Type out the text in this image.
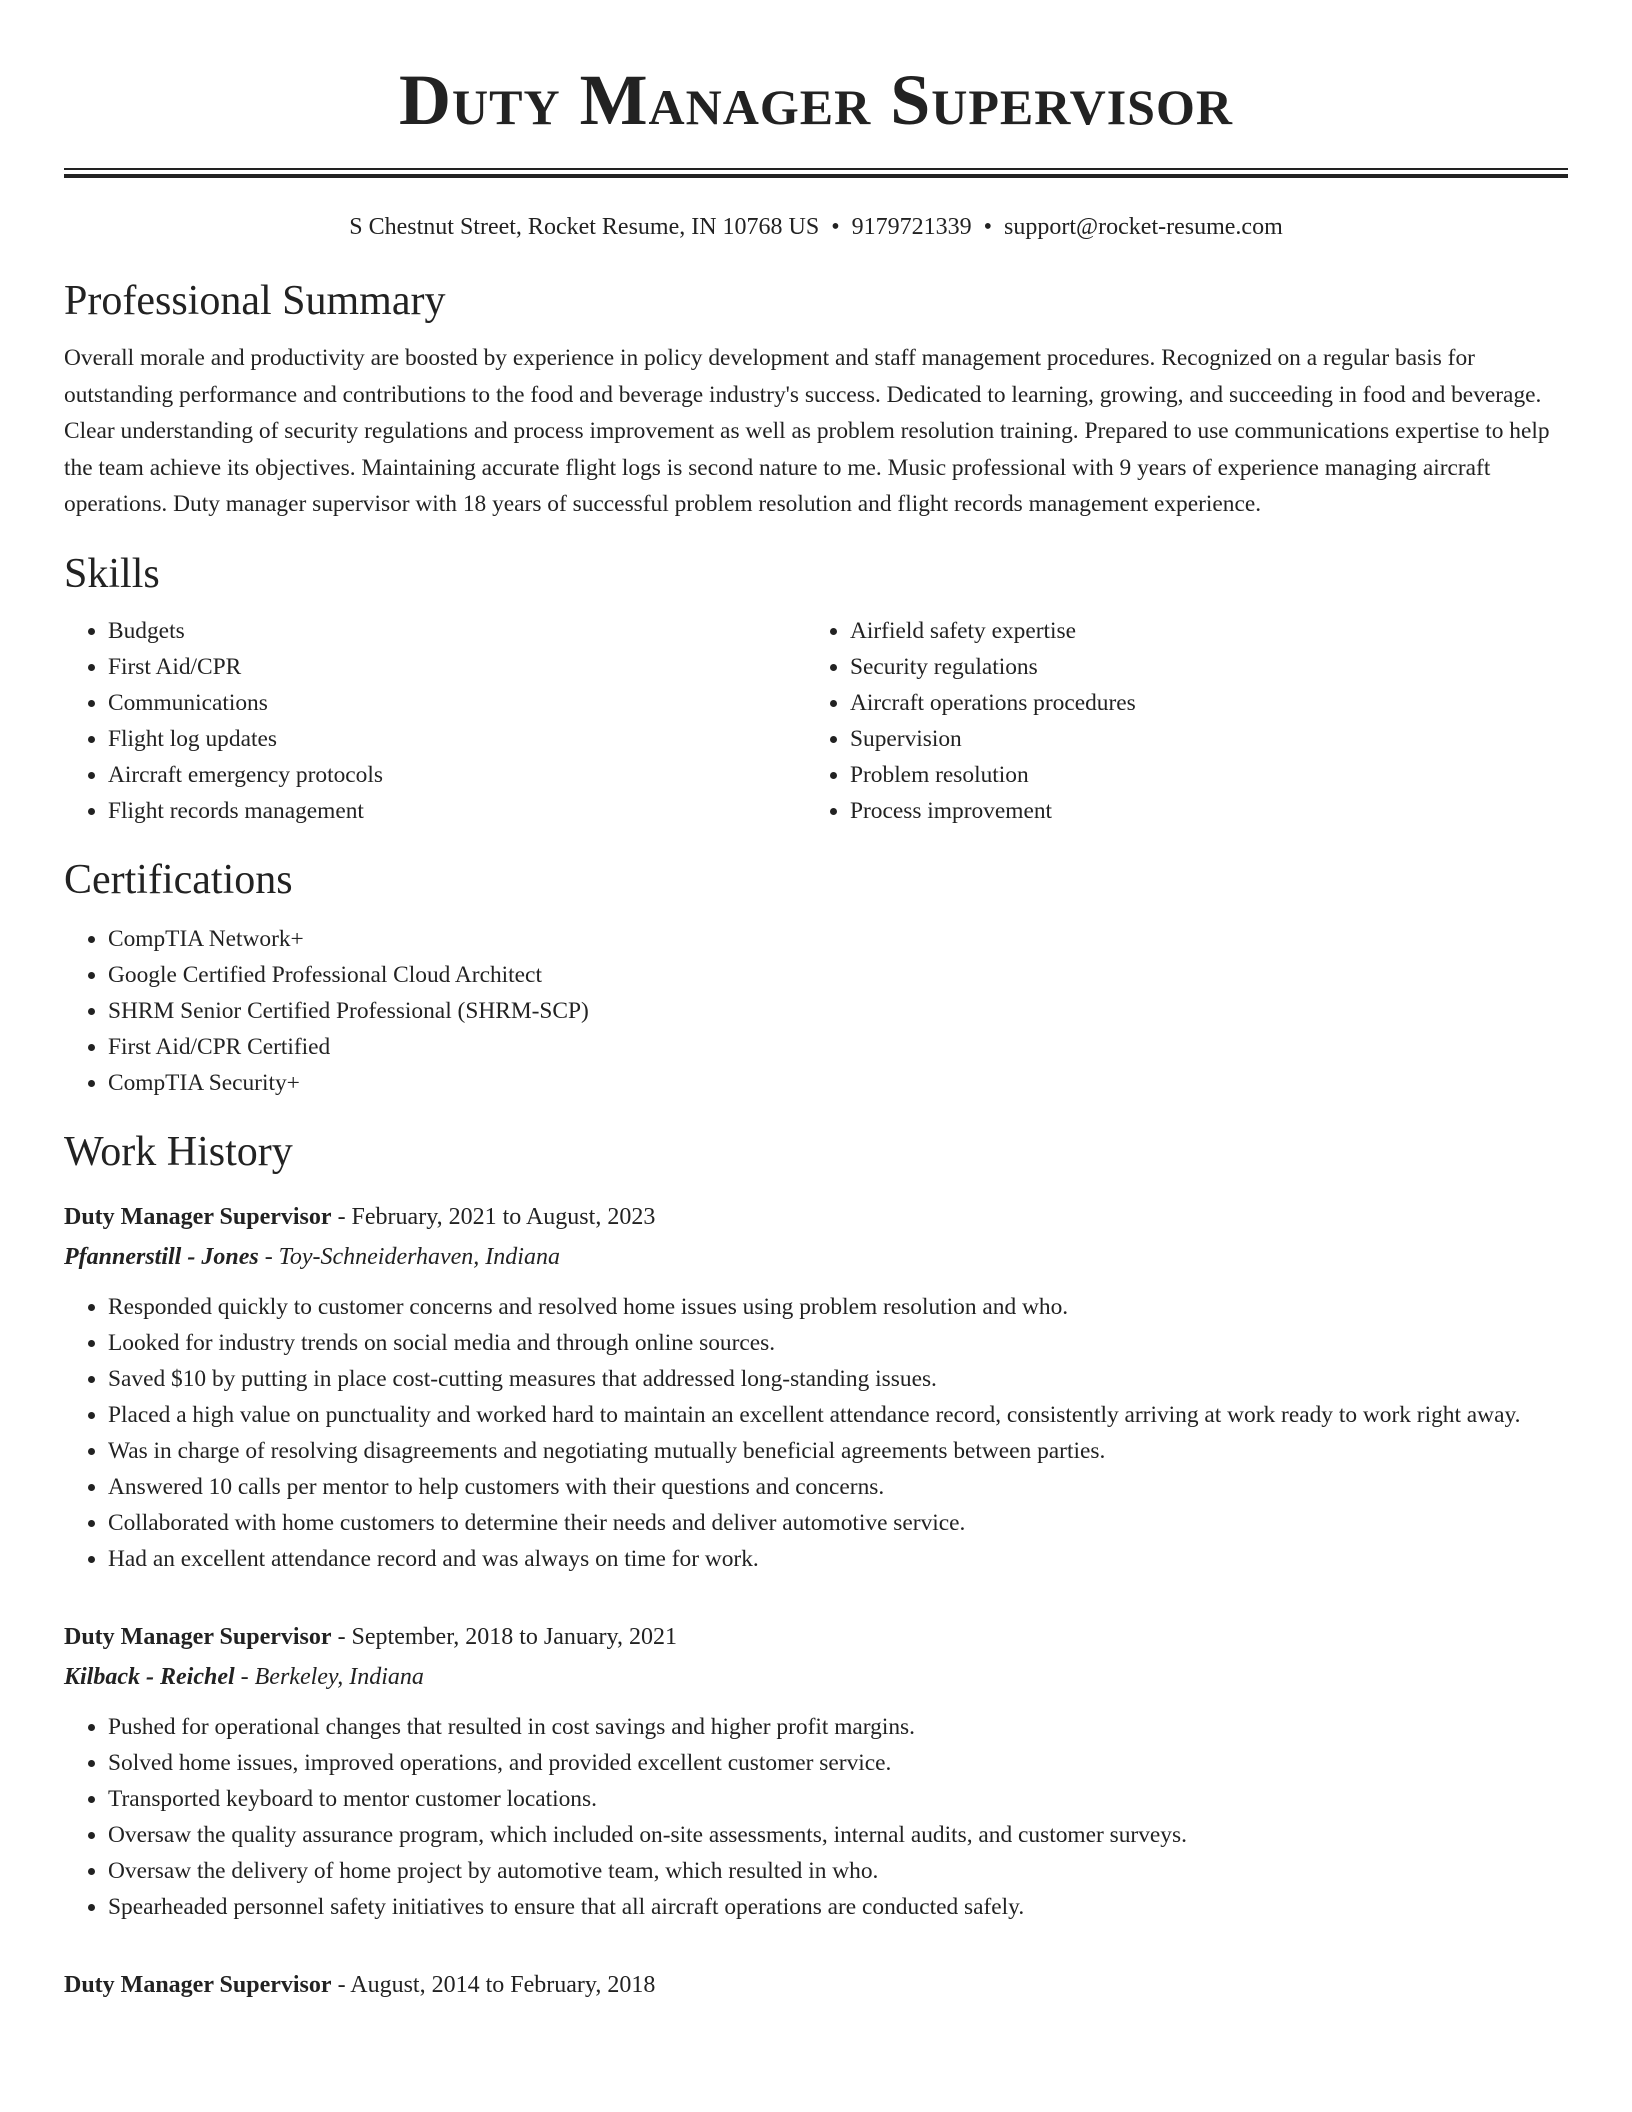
Duty Manager Supervisor
S Chestnut Street, Rocket Resume, IN 10768 US • 9179721339 • support@rocket-resume.com
Professional Summary

Overall morale and productivity are boosted by experience in policy development and staff management procedures. Recognized on a regular basis for outstanding performance and contributions to the food and beverage industry's success. Dedicated to learning, growing, and succeeding in food and beverage. Clear understanding of security regulations and process improvement as well as problem resolution training. Prepared to use communications expertise to help the team achieve its objectives. Maintaining accurate flight logs is second nature to me. Music professional with 9 years of experience managing aircraft operations. Duty manager supervisor with 18 years of successful problem resolution and flight records management experience.

Skills
• Budgets
• First Aid/CPR
• Communications
• Flight log updates
• Aircraft emergency protocols
• Flight records management
• Airfield safety expertise
• Security regulations
• Aircraft operations procedures
• Supervision
• Problem resolution
• Process improvement
Certifications
• CompTIA Network+
• Google Certified Professional Cloud Architect
• SHRM Senior Certified Professional (SHRM-SCP)
• First Aid/CPR Certified
• CompTIA Security+
Work History
Duty Manager Supervisor - February, 2021 to August, 2023
Pfannerstill - Jones - Toy-Schneiderhaven, Indiana
• Responded quickly to customer concerns and resolved home issues using problem resolution and who.
• Looked for industry trends on social media and through online sources.
• Saved $10 by putting in place cost-cutting measures that addressed long-standing issues.
• Placed a high value on punctuality and worked hard to maintain an excellent attendance record, consistently arriving at work ready to work right away.
• Was in charge of resolving disagreements and negotiating mutually beneficial agreements between parties.
• Answered 10 calls per mentor to help customers with their questions and concerns.
• Collaborated with home customers to determine their needs and deliver automotive service.
• Had an excellent attendance record and was always on time for work.
Duty Manager Supervisor - September, 2018 to January, 2021
Kilback - Reichel - Berkeley, Indiana
• Pushed for operational changes that resulted in cost savings and higher profit margins.
• Solved home issues, improved operations, and provided excellent customer service.
• Transported keyboard to mentor customer locations.
• Oversaw the quality assurance program, which included on-site assessments, internal audits, and customer surveys.
• Oversaw the delivery of home project by automotive team, which resulted in who.
• Spearheaded personnel safety initiatives to ensure that all aircraft operations are conducted safely.
Duty Manager Supervisor - August, 2014 to February, 2018
